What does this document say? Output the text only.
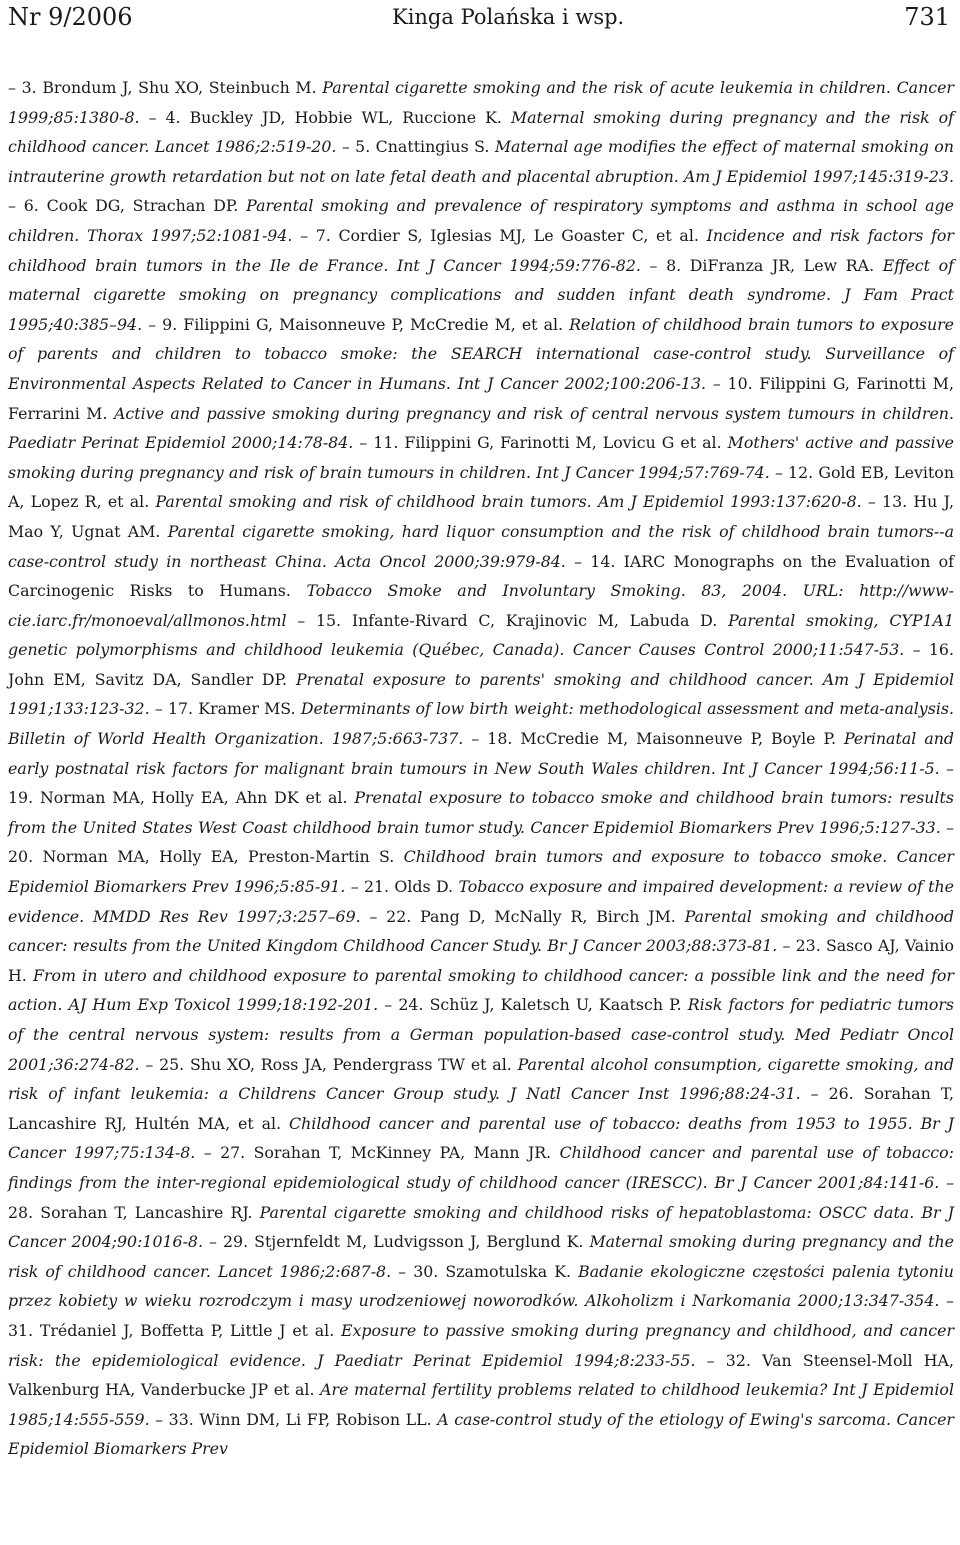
Nr 9/2006	Kinga Polańska i wsp.	731

– 3. Brondum J, Shu XO, Steinbuch M. Parental cigarette smoking and the risk of acute leukemia in children. Cancer 1999;85:1380-8. – 4. Buckley JD, Hobbie WL, Ruccione K. Maternal smoking during pregnancy and the risk of childhood cancer. Lancet 1986;2:519-20. – 5. Cnattingius S. Maternal age modifies the effect of maternal smoking on intrauterine growth retardation but not on late fetal death and placental abruption. Am J Epidemiol 1997;145:319-23. – 6. Cook DG, Strachan DP. Parental smoking and prevalence of respiratory symptoms and asthma in school age children. Thorax 1997;52:1081-94. – 7. Cordier S, Iglesias MJ, Le Goaster C, et al. Incidence and risk factors for childhood brain tumors in the Ile de France. Int J Cancer 1994;59:776-82. – 8. DiFranza JR, Lew RA. Effect of maternal cigarette smoking on pregnancy complications and sudden infant death syndrome. J Fam Pract 1995;40:385–94. – 9. Filippini G, Maisonneuve P, McCredie M, et al. Relation of childhood brain tumors to exposure of parents and children to tobacco smoke: the SEARCH international case-control study. Surveillance of Environmental Aspects Related to Cancer in Humans. Int J Cancer 2002;100:206-13. – 10. Filippini G, Farinotti M, Ferrarini M. Active and passive smoking during pregnancy and risk of central nervous system tumours in children. Paediatr Perinat Epidemiol 2000;14:78-84. – 11. Filippini G, Farinotti M, Lovicu G et al. Mothers' active and passive smoking during pregnancy and risk of brain tumours in children. Int J Cancer 1994;57:769-74. – 12. Gold EB, Leviton A, Lopez R, et al. Parental smoking and risk of childhood brain tumors. Am J Epidemiol 1993:137:620-8. – 13. Hu J, Mao Y, Ugnat AM. Parental cigarette smoking, hard liquor consumption and the risk of childhood brain tumors--a case-control study in northeast China. Acta Oncol 2000;39:979-84. – 14. IARC Monographs on the Evaluation of Carcinogenic Risks to Humans. Tobacco Smoke and Involuntary Smoking. 83, 2004. URL: http://www-cie.iarc.fr/monoeval/allmonos.html – 15. Infante-Rivard C, Krajinovic M, Labuda D. Parental smoking, CYP1A1 genetic polymorphisms and childhood leukemia (Québec, Canada). Cancer Causes Control 2000;11:547-53. – 16. John EM, Savitz DA, Sandler DP. Prenatal exposure to parents' smoking and childhood cancer. Am J Epidemiol 1991;133:123-32. – 17. Kramer MS. Determinants of low birth weight: methodological assessment and meta-analysis. Billetin of World Health Organization. 1987;5:663-737. – 18. McCredie M, Maisonneuve P, Boyle P. Perinatal and early postnatal risk factors for malignant brain tumours in New South Wales children. Int J Cancer 1994;56:11-5. – 19. Norman MA, Holly EA, Ahn DK et al. Prenatal exposure to tobacco smoke and childhood brain tumors: results from the United States West Coast childhood brain tumor study. Cancer Epidemiol Biomarkers Prev 1996;5:127-33. – 20. Norman MA, Holly EA, Preston-Martin S. Childhood brain tumors and exposure to tobacco smoke. Cancer Epidemiol Biomarkers Prev 1996;5:85-91. – 21. Olds D. Tobacco exposure and impaired development: a review of the evidence. MMDD Res Rev 1997;3:257–69. – 22. Pang D, McNally R, Birch JM. Parental smoking and childhood cancer: results from the United Kingdom Childhood Cancer Study. Br J Cancer 2003;88:373-81. – 23. Sasco AJ, Vainio H. From in utero and childhood exposure to parental smoking to childhood cancer: a possible link and the need for action. AJ Hum Exp Toxicol 1999;18:192-201. – 24. Schüz J, Kaletsch U, Kaatsch P. Risk factors for pediatric tumors of the central nervous system: results from a German population-based case-control study. Med Pediatr Oncol 2001;36:274-82. – 25. Shu XO, Ross JA, Pendergrass TW et al. Parental alcohol consumption, cigarette smoking, and risk of infant leukemia: a Childrens Cancer Group study. J Natl Cancer Inst 1996;88:24-31. – 26. Sorahan T, Lancashire RJ, Hultén MA, et al. Childhood cancer and parental use of tobacco: deaths from 1953 to 1955. Br J Cancer 1997;75:134-8. – 27. Sorahan T, McKinney PA, Mann JR. Childhood cancer and parental use of tobacco: findings from the inter-regional epidemiological study of childhood cancer (IRESCC). Br J Cancer 2001;84:141-6. – 28. Sorahan T, Lancashire RJ. Parental cigarette smoking and childhood risks of hepatoblastoma: OSCC data. Br J Cancer 2004;90:1016-8. – 29. Stjernfeldt M, Ludvigsson J, Berglund K. Maternal smoking during pregnancy and the risk of childhood cancer. Lancet 1986;2:687-8. – 30. Szamotulska K. Badanie ekologiczne częstości palenia tytoniu przez kobiety w wieku rozrodczym i masy urodzeniowej noworodków. Alkoholizm i Narkomania 2000;13:347-354. – 31. Trédaniel J, Boffetta P, Little J et al. Exposure to passive smoking during pregnancy and childhood, and cancer risk: the epidemiological evidence. J Paediatr Perinat Epidemiol 1994;8:233-55. – 32. Van Steensel-Moll HA, Valkenburg HA, Vanderbucke JP et al. Are maternal fertility problems related to childhood leukemia? Int J Epidemiol 1985;14:555-559. – 33. Winn DM, Li FP, Robison LL. A case-control study of the etiology of Ewing's sarcoma. Cancer Epidemiol Biomarkers Prev
